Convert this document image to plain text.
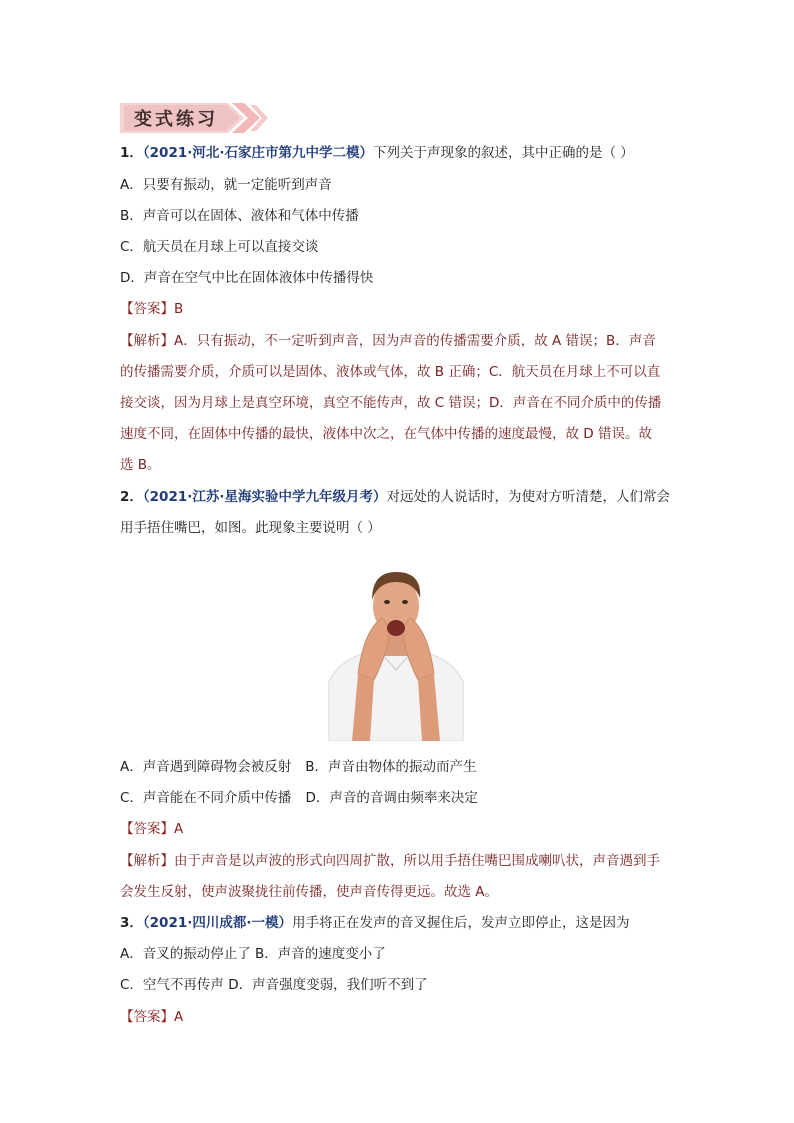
变式练习
1．（2021·河北·石家庄市第九中学二模）下列关于声现象的叙述，其中正确的是（ ）
A．只要有振动，就一定能听到声音
B．声音可以在固体、液体和气体中传播
C．航天员在月球上可以直接交谈
D．声音在空气中比在固体液体中传播得快
【答案】B
【解析】A．只有振动，不一定听到声音，因为声音的传播需要介质，故 A 错误；B．声音
的传播需要介质，介质可以是固体、液体或气体，故 B 正确；C．航天员在月球上不可以直
接交谈，因为月球上是真空环境，真空不能传声，故 C 错误；D．声音在不同介质中的传播
速度不同，在固体中传播的最快，液体中次之，在气体中传播的速度最慢，故 D 错误。故
选 B。
2．（2021·江苏·星海实验中学九年级月考）对远处的人说话时，为使对方听清楚，人们常会
用手捂住嘴巴，如图。此现象主要说明（ ）
A．声音遇到障碍物会被反射 B．声音由物体的振动而产生
C．声音能在不同介质中传播 D．声音的音调由频率来决定
【答案】A
【解析】由于声音是以声波的形式向四周扩散，所以用手捂住嘴巴围成喇叭状，声音遇到手
会发生反射，使声波聚拢往前传播，使声音传得更远。故选 A。
3．（2021·四川成都·一模）用手将正在发声的音叉握住后，发声立即停止，这是因为
A．音叉的振动停止了 B．声音的速度变小了
C．空气不再传声 D．声音强度变弱，我们听不到了
【答案】A
